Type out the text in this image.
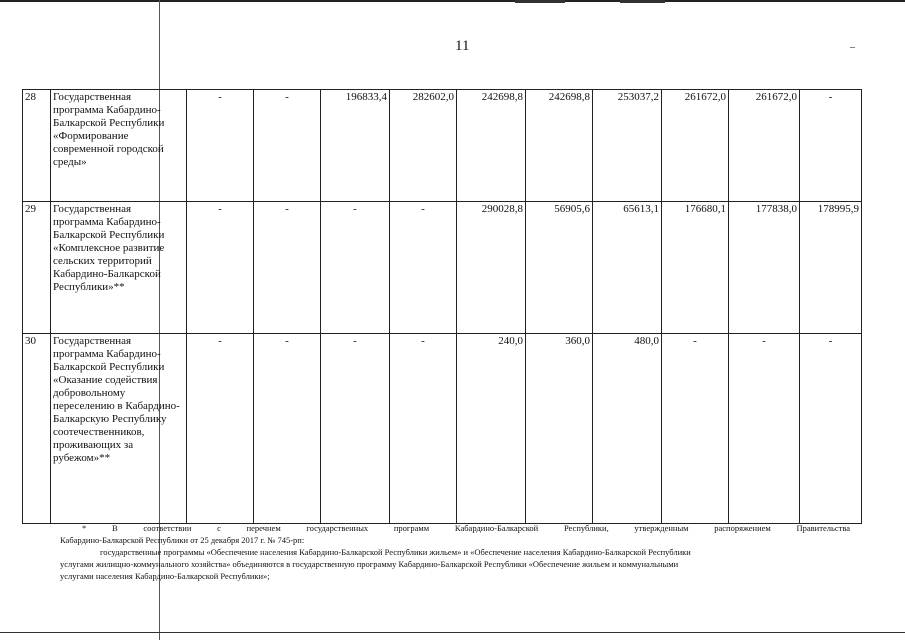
11	–
28	Государственная программа Кабардино-Балкарской Республики «Формирование современной городской среды»	-	-	196833,4	282602,0	242698,8	242698,8	253037,2	261672,0	261672,0	-
29	Государственная программа Кабардино-Балкарской Республики «Комплексное развитие сельских территорий Кабардино-Балкарской Республики»**	-	-	-	-	290028,8	56905,6	65613,1	176680,1	177838,0	178995,9
30	Государственная программа Кабардино-Балкарской Республики «Оказание содействия добровольному переселению в Кабардино-Балкарскую Республику соотечественников, проживающих за рубежом»**	-	-	-	-	240,0	360,0	480,0	-	-	-

* В соответствии с перечнем государственных программ Кабардино-Балкарской Республики, утвержденным распоряжением Правительства

Кабардино-Балкарской Республики от 25 декабря 2017 г. № 745-рп:

государственные программы «Обеспечение населения Кабардино-Балкарской Республики жильем» и «Обеспечение населения Кабардино-Балкарской Республики

услугами жилищно-коммунального хозяйства» объединяются в государственную программу Кабардино-Балкарской Республики «Обеспечение жильем и коммунальными

услугами населения Кабардино-Балкарской Республики»;
